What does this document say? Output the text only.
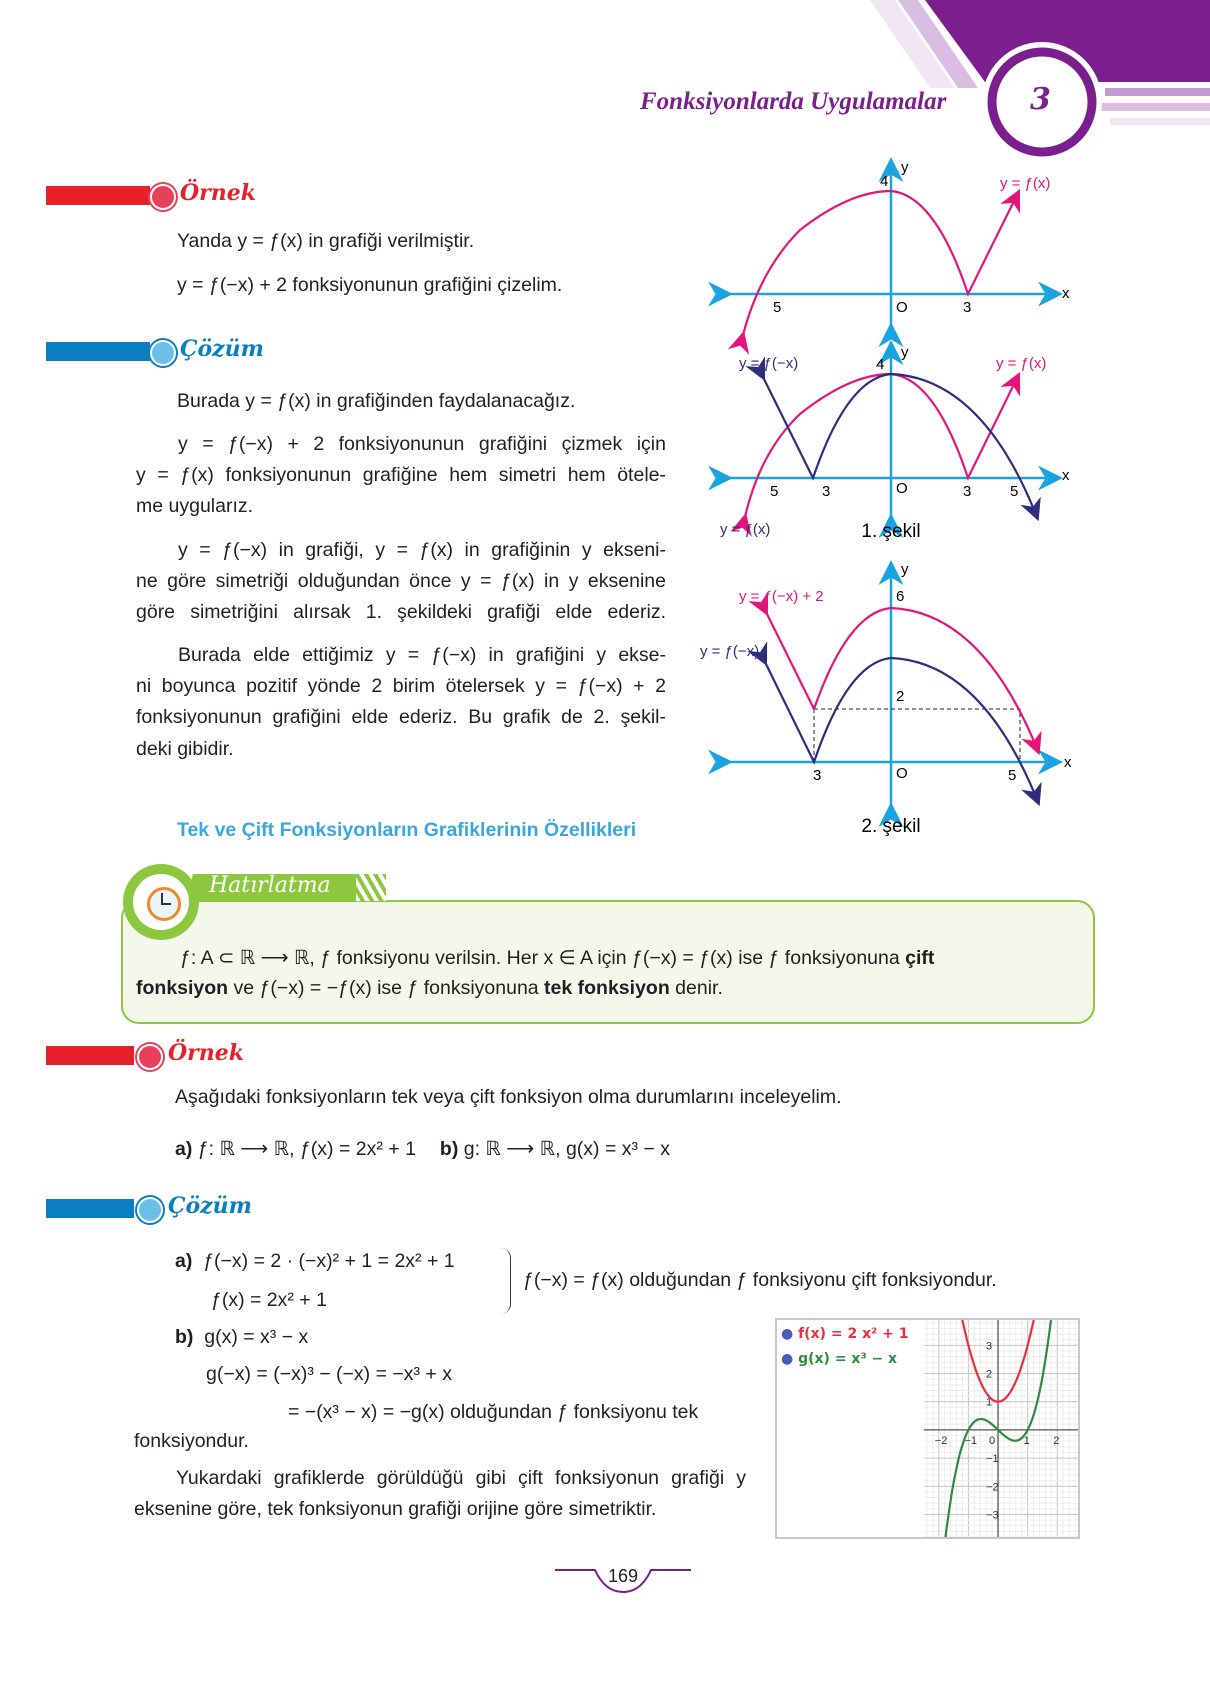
Fonksiyonlarda Uygulamalar	3
Örnek
Yanda y = ƒ(x) in grafiği verilmiştir.
y = ƒ(−x) + 2 fonksiyonunun grafiğini çizelim.
Çözüm
Burada y = ƒ(x) in grafiğinden faydalanacağız.
y = ƒ(−x) + 2 fonksiyonunun grafiğini çizmek için
y = ƒ(x) fonksiyonunun grafiğine hem simetri hem ötele-
me uygularız.
y = ƒ(−x) in grafiği, y = ƒ(x) in grafiğinin y ekseni-
ne göre simetriği olduğundan önce y = ƒ(x) in y eksenine
göre simetriğini alırsak 1. şekildeki grafiği elde ederiz.
Burada elde ettiğimiz y = ƒ(−x) in grafiğini y ekse-
ni boyunca pozitif yönde 2 birim ötelersek y = ƒ(−x) + 2
fonksiyonunun grafiğini elde ederiz. Bu grafik de 2. şekil-
deki gibidir.
y = ƒ(x)
4
y
5	O	3
x
y = ƒ(−x)	y = ƒ(x)
y = ƒ(x)
4
y
x
5	3	O	3	5
1. şekil
y = ƒ(−x) + 2
y = ƒ(−x)
y
6
2
x
3	O	5
2. şekil
Tek ve Çift Fonksiyonların Grafiklerinin Özellikleri
Hatırlatma
ƒ: A ⊂ ℝ ⟶ ℝ, ƒ fonksiyonu verilsin. Her x ∈ A için ƒ(−x) = ƒ(x) ise ƒ fonksiyonuna çift
fonksiyon ve ƒ(−x) = −ƒ(x) ise ƒ fonksiyonuna tek fonksiyon denir.
Örnek
Aşağıdaki fonksiyonların tek veya çift fonksiyon olma durumlarını inceleyelim.
a) ƒ: ℝ ⟶ ℝ, ƒ(x) = 2x² + 1 b) g: ℝ ⟶ ℝ, g(x) = x³ − x
Çözüm
a) ƒ(−x) = 2 · (−x)² + 1 = 2x² + 1
ƒ(x) = 2x² + 1
ƒ(−x) = ƒ(x) olduğundan ƒ fonksiyonu çift fonksiyondur.
b) g(x) = x³ − x
g(−x) = (−x)³ − (−x) = −x³ + x
= −(x³ − x) = −g(x) olduğundan ƒ fonksiyonu tek
fonksiyondur.
Yukardaki grafiklerde görüldüğü gibi çift fonksiyonun grafiği y
eksenine göre, tek fonksiyonun grafiği orijine göre simetriktir.
● f(x) = 2 x² + 1
● g(x) = x³ − x
−2 −1 0	1 2
3
2
1
−1
−2
−3
169
